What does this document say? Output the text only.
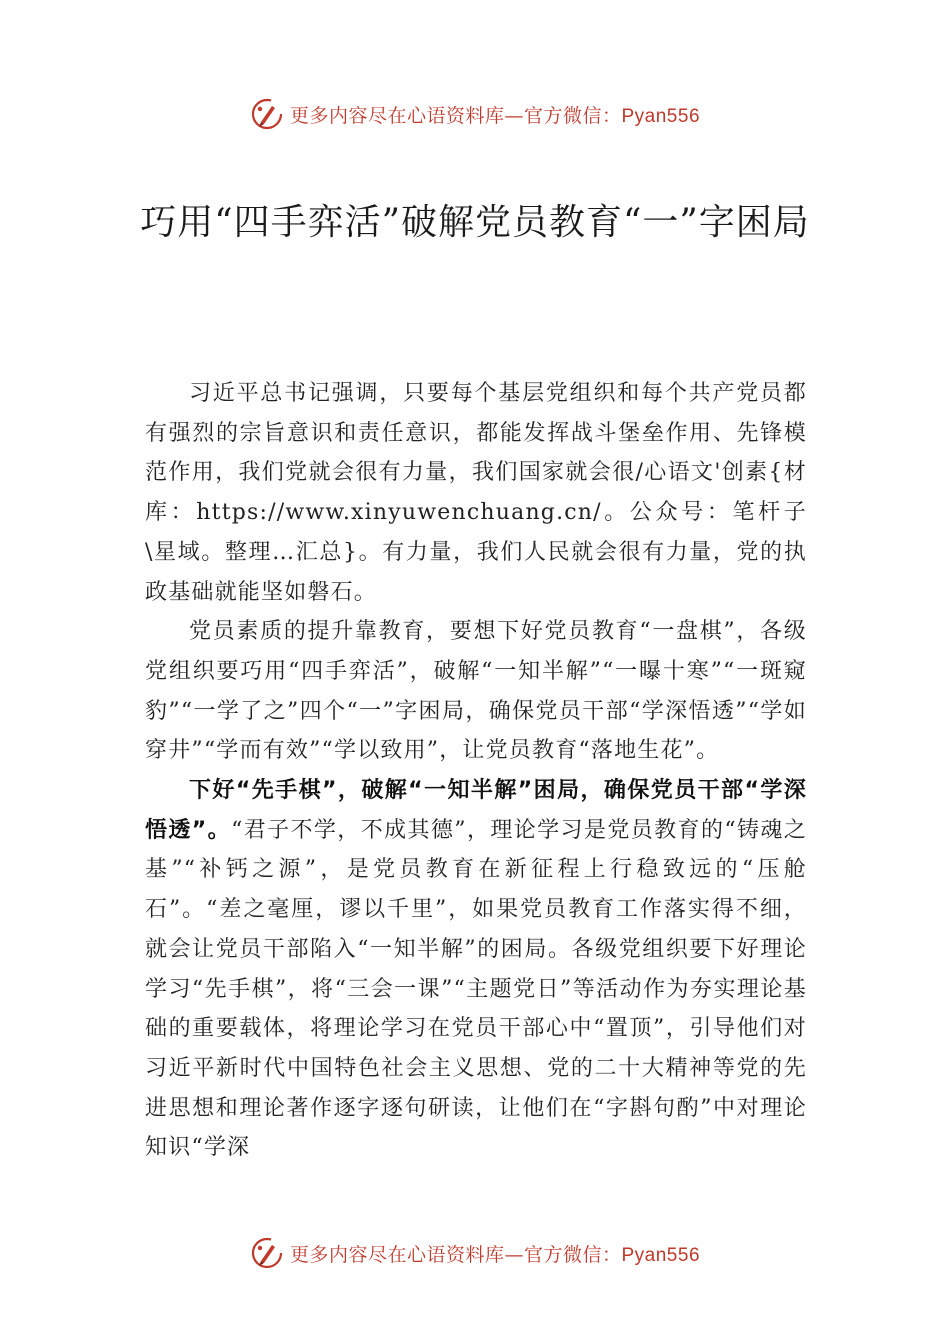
更多内容尽在心语资料库—官方微信：Pyan556
巧用“四手弈活”破解党员教育“一”字困局

习近平总书记强调，只要每个基层党组织和每个共产党员都有强烈的宗旨意识和责任意识，都能发挥战斗堡垒作用、先锋模范作用，我们党就会很有力量，我们国家就会很/心语文'创素{材库：https://www.xinyuwenchuang.cn/。公众号：笔杆子\星域。整理…汇总}。有力量，我们人民就会很有力量，党的执政基础就能坚如磐石。

党员素质的提升靠教育，要想下好党员教育“一盘棋”，各级党组织要巧用“四手弈活”，破解“一知半解”“一曝十寒”“一斑窥豹”“一学了之”四个“一”字困局，确保党员干部“学深悟透”“学如穿井”“学而有效”“学以致用”，让党员教育“落地生花”。

下好“先手棋”，破解“一知半解”困局，确保党员干部“学深悟透”。“君子不学，不成其德”，理论学习是党员教育的“铸魂之基”“补钙之源”，是党员教育在新征程上行稳致远的“压舱石”。“差之毫厘，谬以千里”，如果党员教育工作落实得不细，就会让党员干部陷入“一知半解”的困局。各级党组织要下好理论学习“先手棋”，将“三会一课”“主题党日”等活动作为夯实理论基础的重要载体，将理论学习在党员干部心中“置顶”，引导他们对习近平新时代中国特色社会主义思想、党的二十大精神等党的先进思想和理论著作逐字逐句研读，让他们在“字斟句酌”中对理论知识“学深

更多内容尽在心语资料库—官方微信：Pyan556
